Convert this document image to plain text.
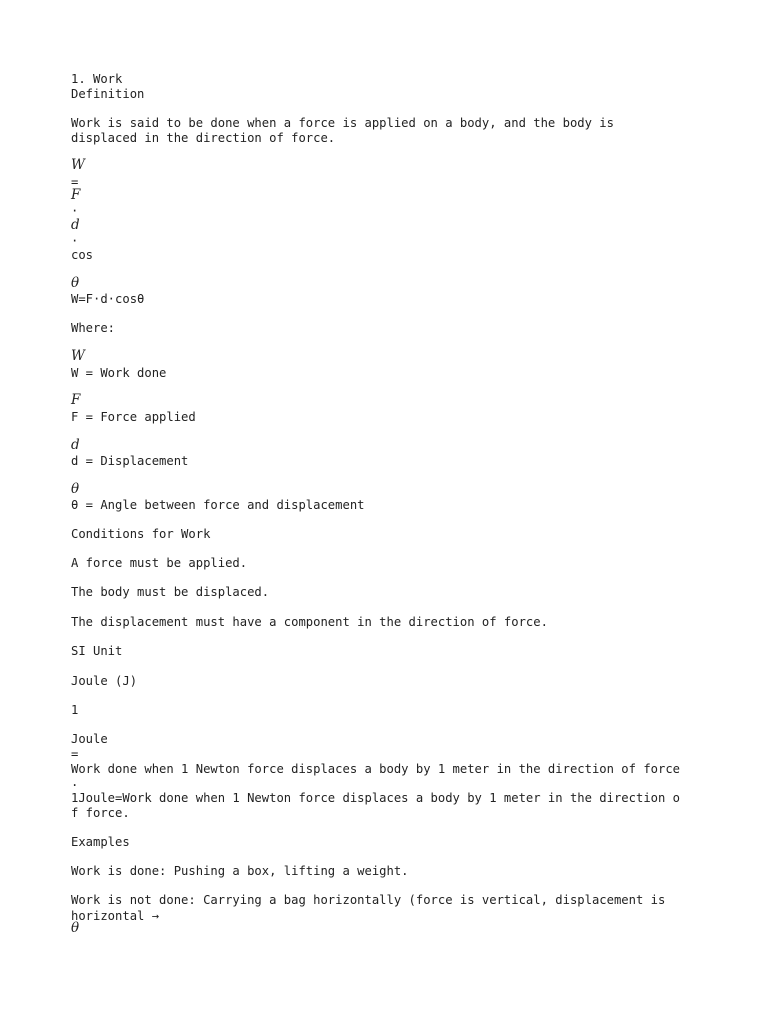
1. Work
Definition
Work is said to be done when a force is applied on a body, and the body is
displaced in the direction of force.
W
=
F
·
d
·
cos
θ
W=F·d·cosθ
Where:
W
W = Work done
F
F = Force applied
d
d = Displacement
θ
θ = Angle between force and displacement
Conditions for Work
A force must be applied.
The body must be displaced.
The displacement must have a component in the direction of force.
SI Unit
Joule (J)
1
Joule
=
Work done when 1 Newton force displaces a body by 1 meter in the direction of force
.
1Joule=Work done when 1 Newton force displaces a body by 1 meter in the direction o
f force.
Examples
Work is done: Pushing a box, lifting a weight.
Work is not done: Carrying a bag horizontally (force is vertical, displacement is
horizontal →
θ
